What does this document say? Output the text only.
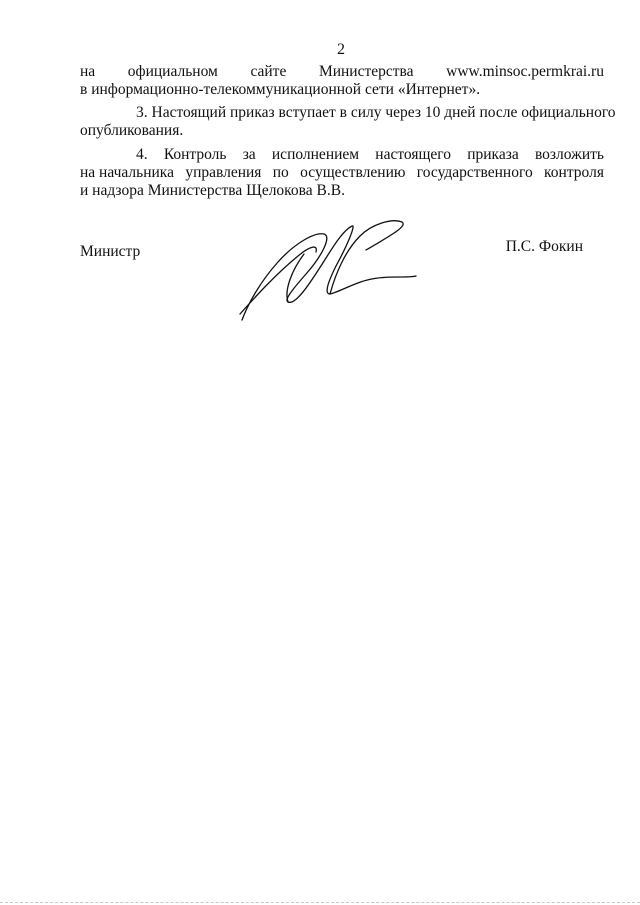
2
на официальном сайте Министерства www.minsoc.permkrai.ru
в информационно-телекоммуникационной сети «Интернет».
3. Настоящий приказ вступает в силу через 10 дней после официального
опубликования.
4. Контроль за исполнением настоящего приказа возложить
на начальника управления по осуществлению государственного контроля
и надзора Министерства Щелокова В.В.
Министр	П.С. Фокин
